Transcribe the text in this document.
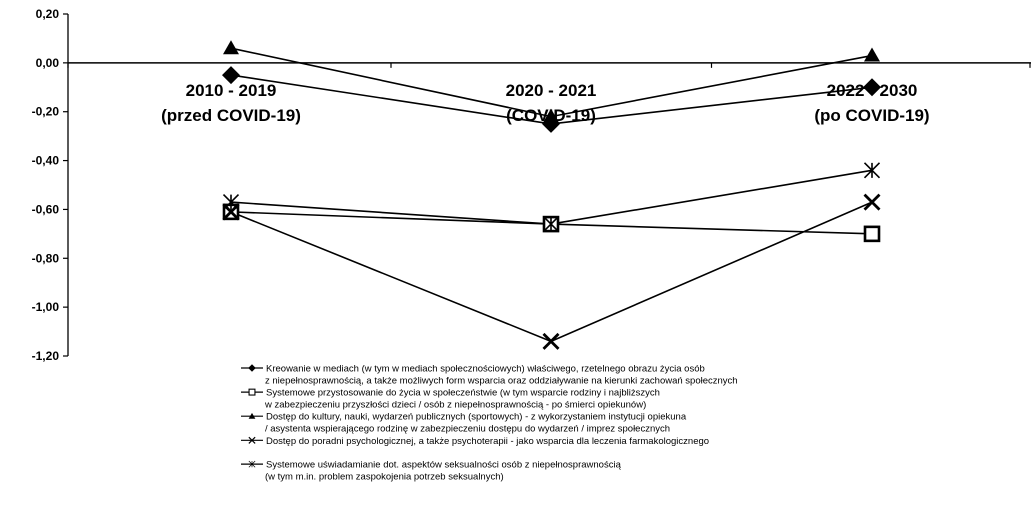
0,20
0,00
-0,20
-0,40
-0,60
-0,80
-1,00
-1,20
2010 - 2019
(przed COVID-19)
2020 - 2021
(COVID-19)
2022 - 2030
(po COVID-19)
Kreowanie w mediach (w tym w mediach społecznościowych) właściwego, rzetelnego obrazu życia osób
z niepełnosprawnością, a także możliwych form wsparcia oraz oddziaływanie na kierunki zachowań społecznych
Systemowe przystosowanie do życia w społeczeństwie (w tym wsparcie rodziny i najbliższych
w zabezpieczeniu przyszłości dzieci / osób z niepełnosprawnością - po śmierci opiekunów)
Dostęp do kultury, nauki, wydarzeń publicznych (sportowych) - z wykorzystaniem instytucji opiekuna
/ asystenta wspierającego rodzinę w zabezpieczeniu dostępu do wydarzeń / imprez społecznych
Dostęp do poradni psychologicznej, a także psychoterapii - jako wsparcia dla leczenia farmakologicznego
Systemowe uświadamianie dot. aspektów seksualności osób z niepełnosprawnością
(w tym m.in. problem zaspokojenia potrzeb seksualnych)
